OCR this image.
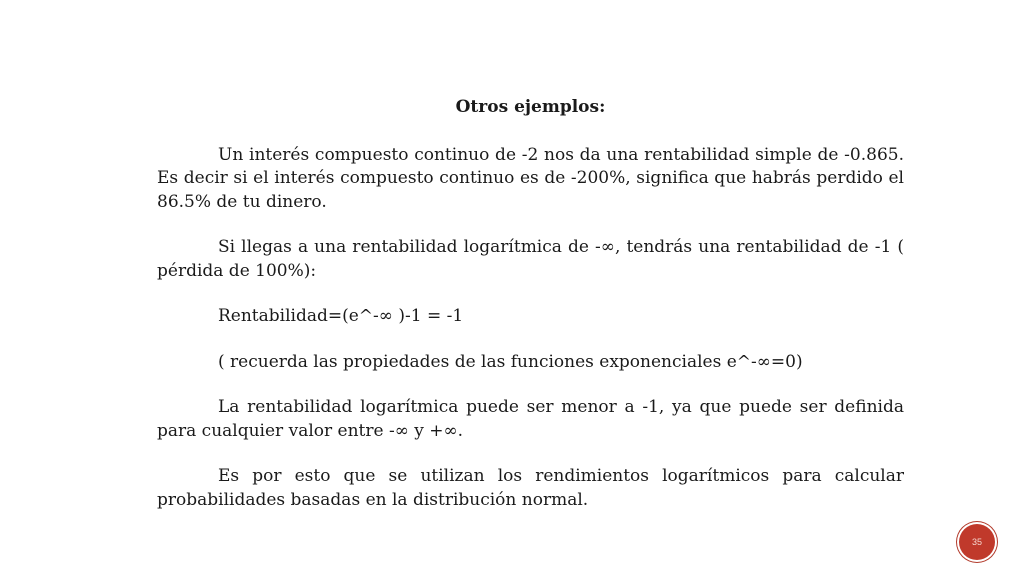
Otros ejemplos:

Un interés compuesto continuo de -2 nos da una rentabilidad simple de -0.865. Es decir si el interés compuesto continuo es de -200%, significa que habrás perdido el 86.5% de tu dinero.

Si llegas a una rentabilidad logarítmica de -∞, tendrás una rentabilidad de -1 ( pérdida de 100%):

Rentabilidad=(e^-∞ )-1 = -1

( recuerda las propiedades de las funciones exponenciales e^-∞=0)

La rentabilidad logarítmica puede ser menor a -1, ya que puede ser definida para cualquier valor entre -∞ y +∞.

Es por esto que se utilizan los rendimientos logarítmicos para calcular probabilidades basadas en la distribución normal.

35
